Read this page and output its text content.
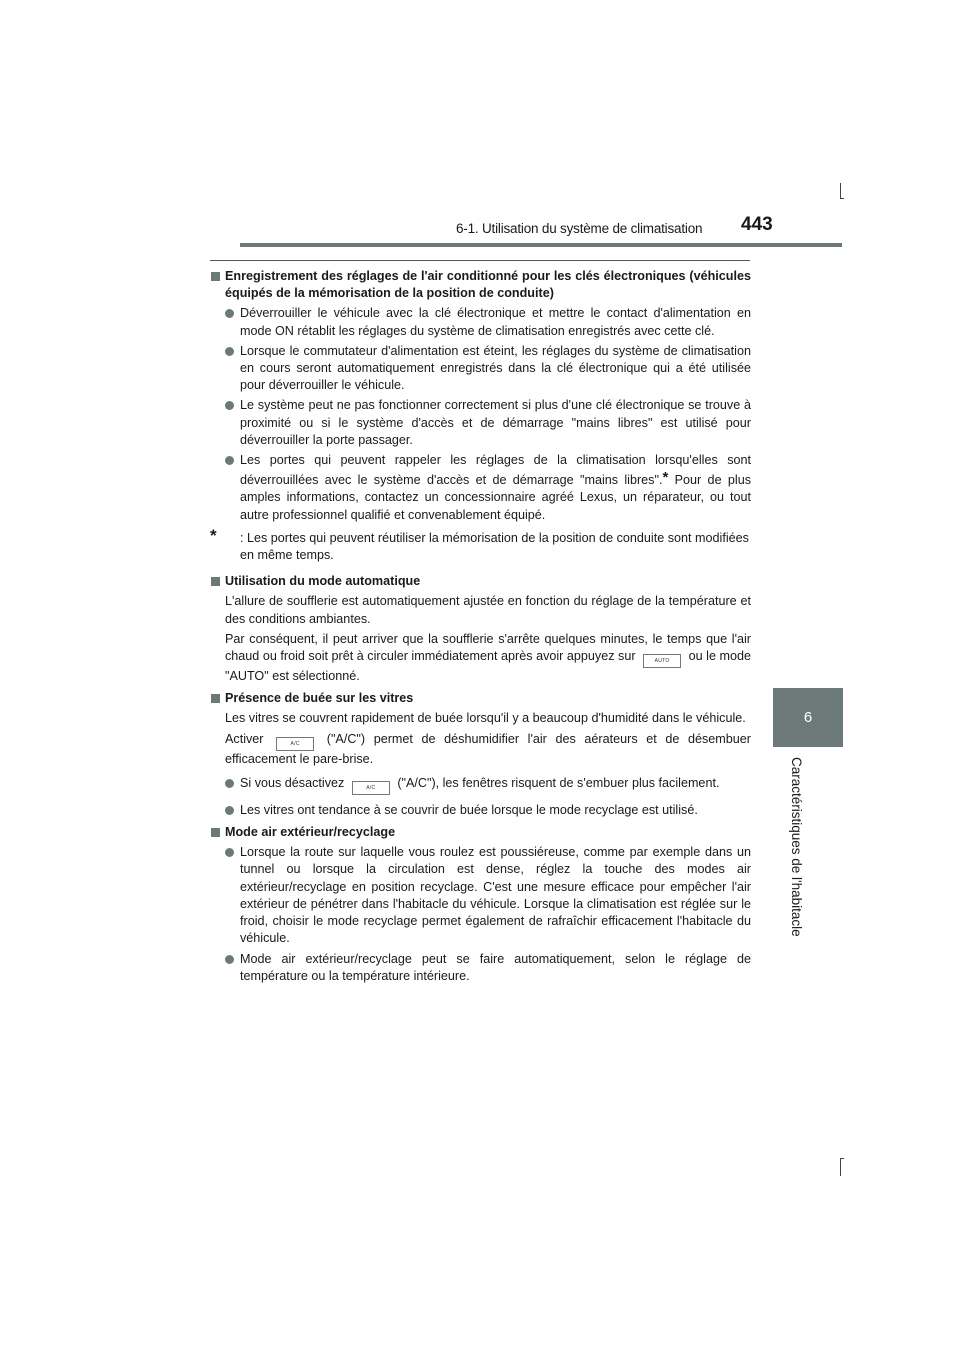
6-1. Utilisation du système de climatisation 443
6
Caractéristiques de l'habitacle
Enregistrement des réglages de l'air conditionné pour les clés électroniques (véhicules équipés de la mémorisation de la position de conduite)
Déverrouiller le véhicule avec la clé électronique et mettre le contact d'alimentation en mode ON rétablit les réglages du système de climatisation enregistrés avec cette clé.
Lorsque le commutateur d'alimentation est éteint, les réglages du système de climatisation en cours seront automatiquement enregistrés dans la clé électronique qui a été utilisée pour déverrouiller le véhicule.
Le système peut ne pas fonctionner correctement si plus d'une clé électronique se trouve à proximité ou si le système d'accès et de démarrage "mains libres" est utilisé pour déverrouiller la porte passager.
Les portes qui peuvent rappeler les réglages de la climatisation lorsqu'elles sont déverrouillées avec le système d'accès et de démarrage "mains libres".* Pour de plus amples informations, contactez un concessionnaire agréé Lexus, un réparateur, ou tout autre professionnel qualifié et convenablement équipé.
* : Les portes qui peuvent réutiliser la mémorisation de la position de conduite sont modifiées en même temps.
Utilisation du mode automatique
L'allure de soufflerie est automatiquement ajustée en fonction du réglage de la température et des conditions ambiantes.
Par conséquent, il peut arriver que la soufflerie s'arrête quelques minutes, le temps que l'air chaud ou froid soit prêt à circuler immédiatement après avoir appuyez sur	AUTO ou le mode "AUTO" est sélectionné.
Présence de buée sur les vitres
Les vitres se couvrent rapidement de buée lorsqu'il y a beaucoup d'humidité dans le véhicule.
Activer	A/C ("A/C") permet de déshumidifier l'air des aérateurs et de désembuer efficacement le pare-brise.
Si vous désactivez	A/C ("A/C"), les fenêtres risquent de s'embuer plus facilement.
Les vitres ont tendance à se couvrir de buée lorsque le mode recyclage est utilisé.
Mode air extérieur/recyclage
Lorsque la route sur laquelle vous roulez est poussiéreuse, comme par exemple dans un tunnel ou lorsque la circulation est dense, réglez la touche des modes air extérieur/recyclage en position recyclage. C'est une mesure efficace pour empêcher l'air extérieur de pénétrer dans l'habitacle du véhicule. Lorsque la climatisation est réglée sur le froid, choisir le mode recyclage permet également de rafraîchir efficacement l'habitacle du véhicule.
Mode air extérieur/recyclage peut se faire automatiquement, selon le réglage de température ou la température intérieure.
